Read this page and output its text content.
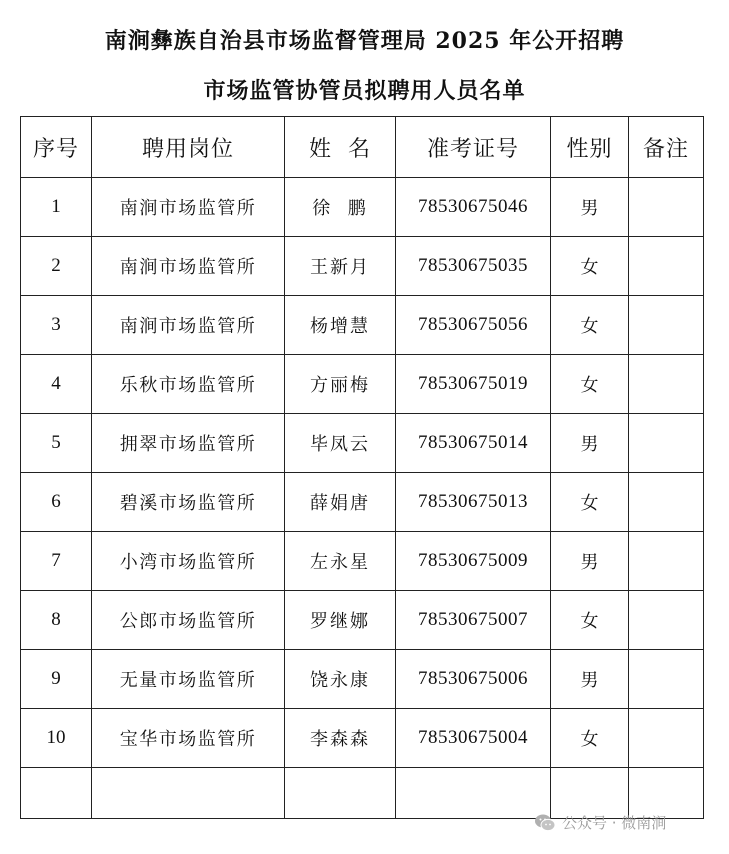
南涧彝族自治县市场监督管理局 2025 年公开招聘
市场监管协管员拟聘用人员名单
序号	聘用岗位	姓  名	准考证号	性别	备注
1	南涧市场监管所	徐  鹏	78530675046	男	
2	南涧市场监管所	王新月	78530675035	女	
3	南涧市场监管所	杨增慧	78530675056	女	
4	乐秋市场监管所	方丽梅	78530675019	女	
5	拥翠市场监管所	毕凤云	78530675014	男	
6	碧溪市场监管所	薛娟唐	78530675013	女	
7	小湾市场监管所	左永星	78530675009	男	
8	公郎市场监管所	罗继娜	78530675007	女	
9	无量市场监管所	饶永康	78530675006	男	
10	宝华市场监管所	李森森	78530675004	女	

公众号 · 微南涧
